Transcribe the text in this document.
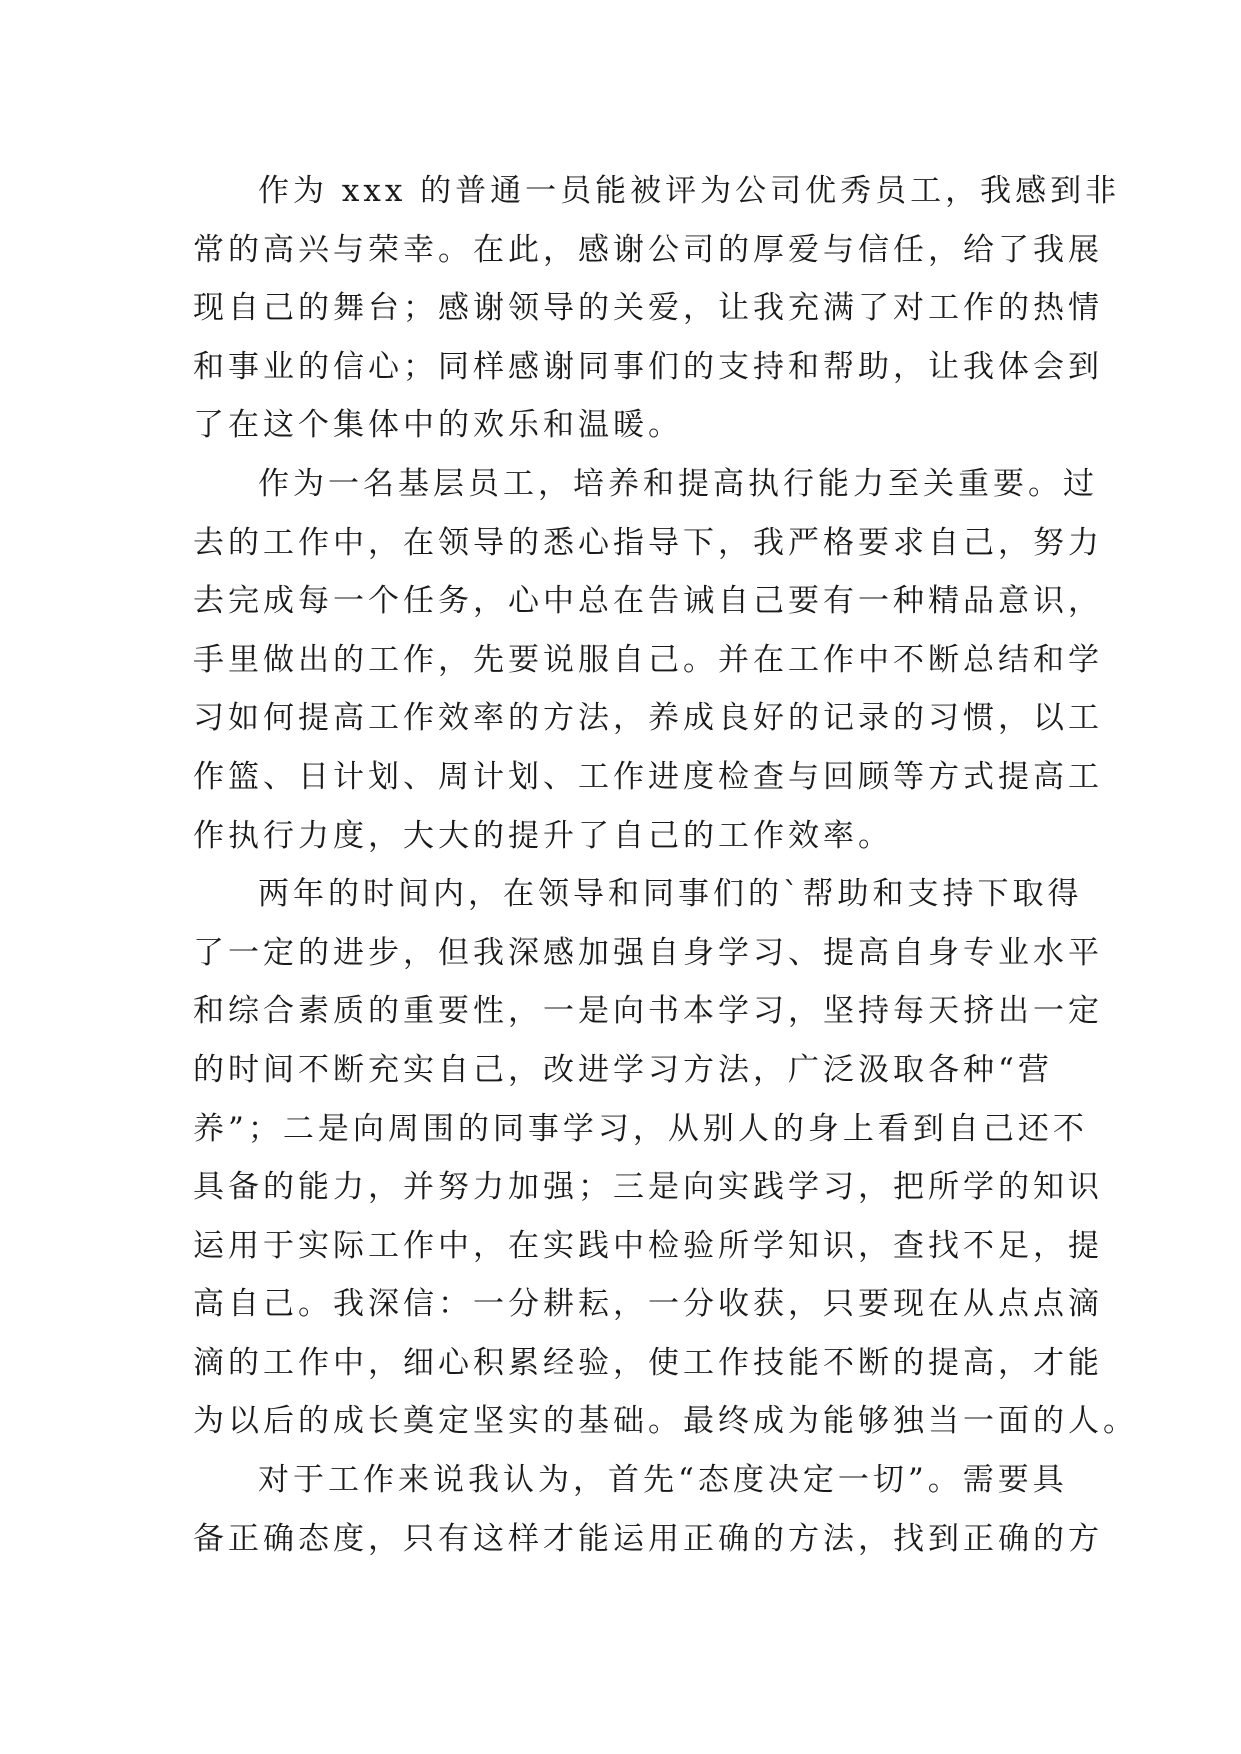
作为 xxx 的普通一员能被评为公司优秀员工，我感到非
常的高兴与荣幸。在此，感谢公司的厚爱与信任，给了我展
现自己的舞台；感谢领导的关爱，让我充满了对工作的热情
和事业的信心；同样感谢同事们的支持和帮助，让我体会到
了在这个集体中的欢乐和温暖。
作为一名基层员工，培养和提高执行能力至关重要。过
去的工作中，在领导的悉心指导下，我严格要求自己，努力
去完成每一个任务，心中总在告诫自己要有一种精品意识，
手里做出的工作，先要说服自己。并在工作中不断总结和学
习如何提高工作效率的方法，养成良好的记录的习惯，以工
作篮、日计划、周计划、工作进度检查与回顾等方式提高工
作执行力度，大大的提升了自己的工作效率。
两年的时间内，在领导和同事们的`帮助和支持下取得
了一定的进步，但我深感加强自身学习、提高自身专业水平
和综合素质的重要性，一是向书本学习，坚持每天挤出一定
的时间不断充实自己，改进学习方法，广泛汲取各种“营
养”；二是向周围的同事学习，从别人的身上看到自己还不
具备的能力，并努力加强；三是向实践学习，把所学的知识
运用于实际工作中，在实践中检验所学知识，查找不足，提
高自己。我深信：一分耕耘，一分收获，只要现在从点点滴
滴的工作中，细心积累经验，使工作技能不断的提高，才能
为以后的成长奠定坚实的基础。最终成为能够独当一面的人。
对于工作来说我认为，首先“态度决定一切”。需要具
备正确态度，只有这样才能运用正确的方法，找到正确的方
